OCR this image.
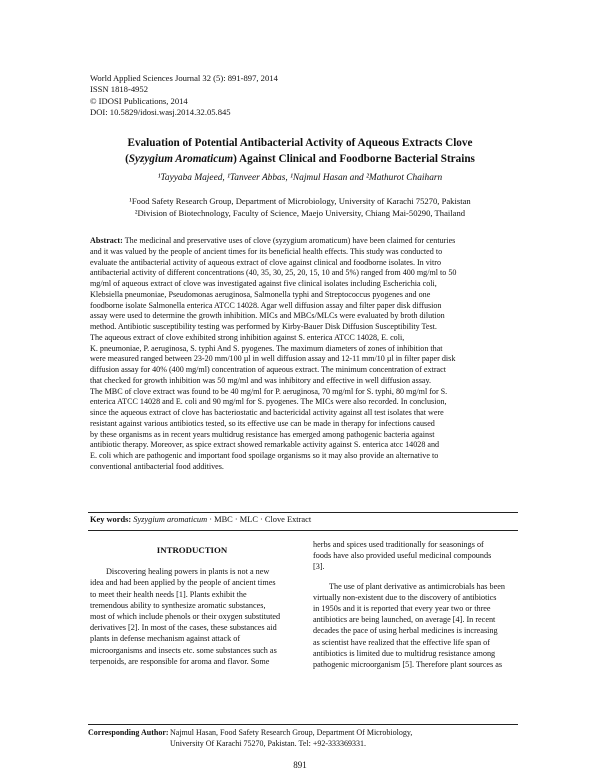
World Applied Sciences Journal 32 (5): 891-897, 2014
ISSN 1818-4952
© IDOSI Publications, 2014
DOI: 10.5829/idosi.wasj.2014.32.05.845
Evaluation of Potential Antibacterial Activity of Aqueous Extracts Clove
(Syzygium Aromaticum) Against Clinical and Foodborne Bacterial Strains
¹Tayyaba Majeed, ¹Tanveer Abbas, ¹Najmul Hasan and ²Mathurot Chaiharn
¹Food Safety Research Group, Department of Microbiology, University of Karachi 75270, Pakistan
²Division of Biotechnology, Faculty of Science, Maejo University, Chiang Mai-50290, Thailand
Abstract: The medicinal and preservative uses of clove (syzygium aromaticum) have been claimed for centuries
and it was valued by the people of ancient times for its beneficial health effects. This study was conducted to
evaluate the antibacterial activity of aqueous extract of clove against clinical and foodborne isolates. In vitro
antibacterial activity of different concentrations (40, 35, 30, 25, 20, 15, 10 and 5%) ranged from 400 mg/ml to 50
mg/ml of aqueous extract of clove was investigated against five clinical isolates including Escherichia coli,
Klebsiella pneumoniae, Pseudomonas aeruginosa, Salmonella typhi and Streptococcus pyogenes and one
foodborne isolate Salmonella enterica ATCC 14028. Agar well diffusion assay and filter paper disk diffusion
assay were used to determine the growth inhibition. MICs and MBCs/MLCs were evaluated by broth dilution
method. Antibiotic susceptibility testing was performed by Kirby-Bauer Disk Diffusion Susceptibility Test.
The aqueous extract of clove exhibited strong inhibition against S. enterica ATCC 14028, E. coli,
K. pneumoniae, P. aeruginosa, S. typhi And S. pyogenes. The maximum diameters of zones of inhibition that
were measured ranged between 23-20 mm/100 µl in well diffusion assay and 12-11 mm/10 µl in filter paper disk
diffusion assay for 40% (400 mg/ml) concentration of aqueous extract. The minimum concentration of extract
that checked for growth inhibition was 50 mg/ml and was inhibitory and effective in well diffusion assay.
The MBC of clove extract was found to be 40 mg/ml for P. aeruginosa, 70 mg/ml for S. typhi, 80 mg/ml for S.
enterica ATCC 14028 and E. coli and 90 mg/ml for S. pyogenes. The MICs were also recorded. In conclusion,
since the aqueous extract of clove has bacteriostatic and bactericidal activity against all test isolates that were
resistant against various antibiotics tested, so its effective use can be made in therapy for infections caused
by these organisms as in recent years multidrug resistance has emerged among pathogenic bacteria against
antibiotic therapy. Moreover, as spice extract showed remarkable activity against S. enterica atcc 14028 and
E. coli which are pathogenic and important food spoilage organisms so it may also provide an alternative to
conventional antibacterial food additives.
Key words: Syzygium aromaticum · MBC · MLC · Clove Extract
INTRODUCTION
Discovering healing powers in plants is not a new
idea and had been applied by the people of ancient times
to meet their health needs [1]. Plants exhibit the
tremendous ability to synthesize aromatic substances,
most of which include phenols or their oxygen substituted
derivatives [2]. In most of the cases, these substances aid
plants in defense mechanism against attack of
microorganisms and insects etc. some substances such as
terpenoids, are responsible for aroma and flavor. Some
herbs and spices used traditionally for seasonings of
foods have also provided useful medicinal compounds
[3].
The use of plant derivative as antimicrobials has been
virtually non-existent due to the discovery of antibiotics
in 1950s and it is reported that every year two or three
antibiotics are being launched, on average [4]. In recent
decades the pace of using herbal medicines is increasing
as scientist have realized that the effective life span of
antibiotics is limited due to multidrug resistance among
pathogenic microorganism [5]. Therefore plant sources as
Corresponding Author:Najmul Hasan, Food Safety Research Group, Department Of Microbiology,
University Of Karachi 75270, Pakistan. Tel: +92-333369331.
891
